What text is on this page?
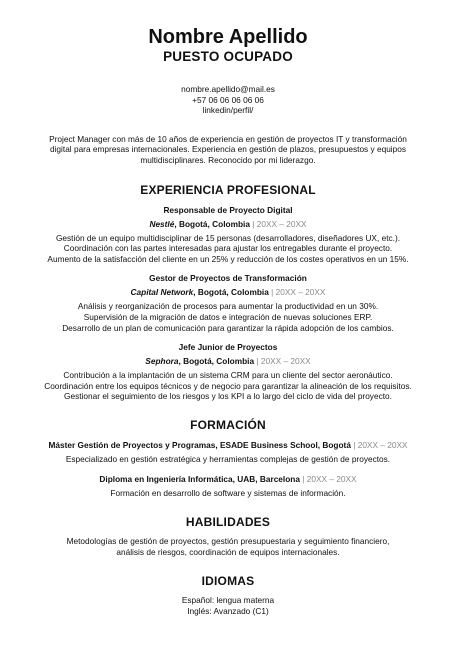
Nombre Apellido
PUESTO OCUPADO
nombre.apellido@mail.es
+57 06 06 06 06 06
linkedin/perfil/
Project Manager con más de 10 años de experiencia en gestión de proyectos IT y transformación
digital para empresas internacionales. Experiencia en gestión de plazos, presupuestos y equipos
multidisciplinares. Reconocido por mi liderazgo.
EXPERIENCIA PROFESIONAL
Responsable de Proyecto Digital
Nestlé, Bogotá, Colombia | 20XX – 20XX
Gestión de un equipo multidisciplinar de 15 personas (desarrolladores, diseñadores UX, etc.).
Coordinación con las partes interesadas para ajustar los entregables durante el proyecto.
Aumento de la satisfacción del cliente en un 25% y reducción de los costes operativos en un 15%.
Gestor de Proyectos de Transformación
Capital Network, Bogotá, Colombia | 20XX – 20XX
Análisis y reorganización de procesos para aumentar la productividad en un 30%.
Supervisión de la migración de datos e integración de nuevas soluciones ERP.
Desarrollo de un plan de comunicación para garantizar la rápida adopción de los cambios.
Jefe Junior de Proyectos
Sephora, Bogotá, Colombia | 20XX – 20XX
Contribución a la implantación de un sistema CRM para un cliente del sector aeronáutico.
Coordinación entre los equipos técnicos y de negocio para garantizar la alineación de los requisitos.
Gestionar el seguimiento de los riesgos y los KPI a lo largo del ciclo de vida del proyecto.
FORMACIÓN
Máster Gestión de Proyectos y Programas, ESADE Business School, Bogotá | 20XX – 20XX
Especializado en gestión estratégica y herramientas complejas de gestión de proyectos.
Diploma en Ingeniería Informática, UAB, Barcelona | 20XX – 20XX
Formación en desarrollo de software y sistemas de información.
HABILIDADES
Metodologías de gestión de proyectos, gestión presupuestaria y seguimiento financiero,
análisis de riesgos, coordinación de equipos internacionales.
IDIOMAS
Español: lengua materna
Inglés: Avanzado (C1)
